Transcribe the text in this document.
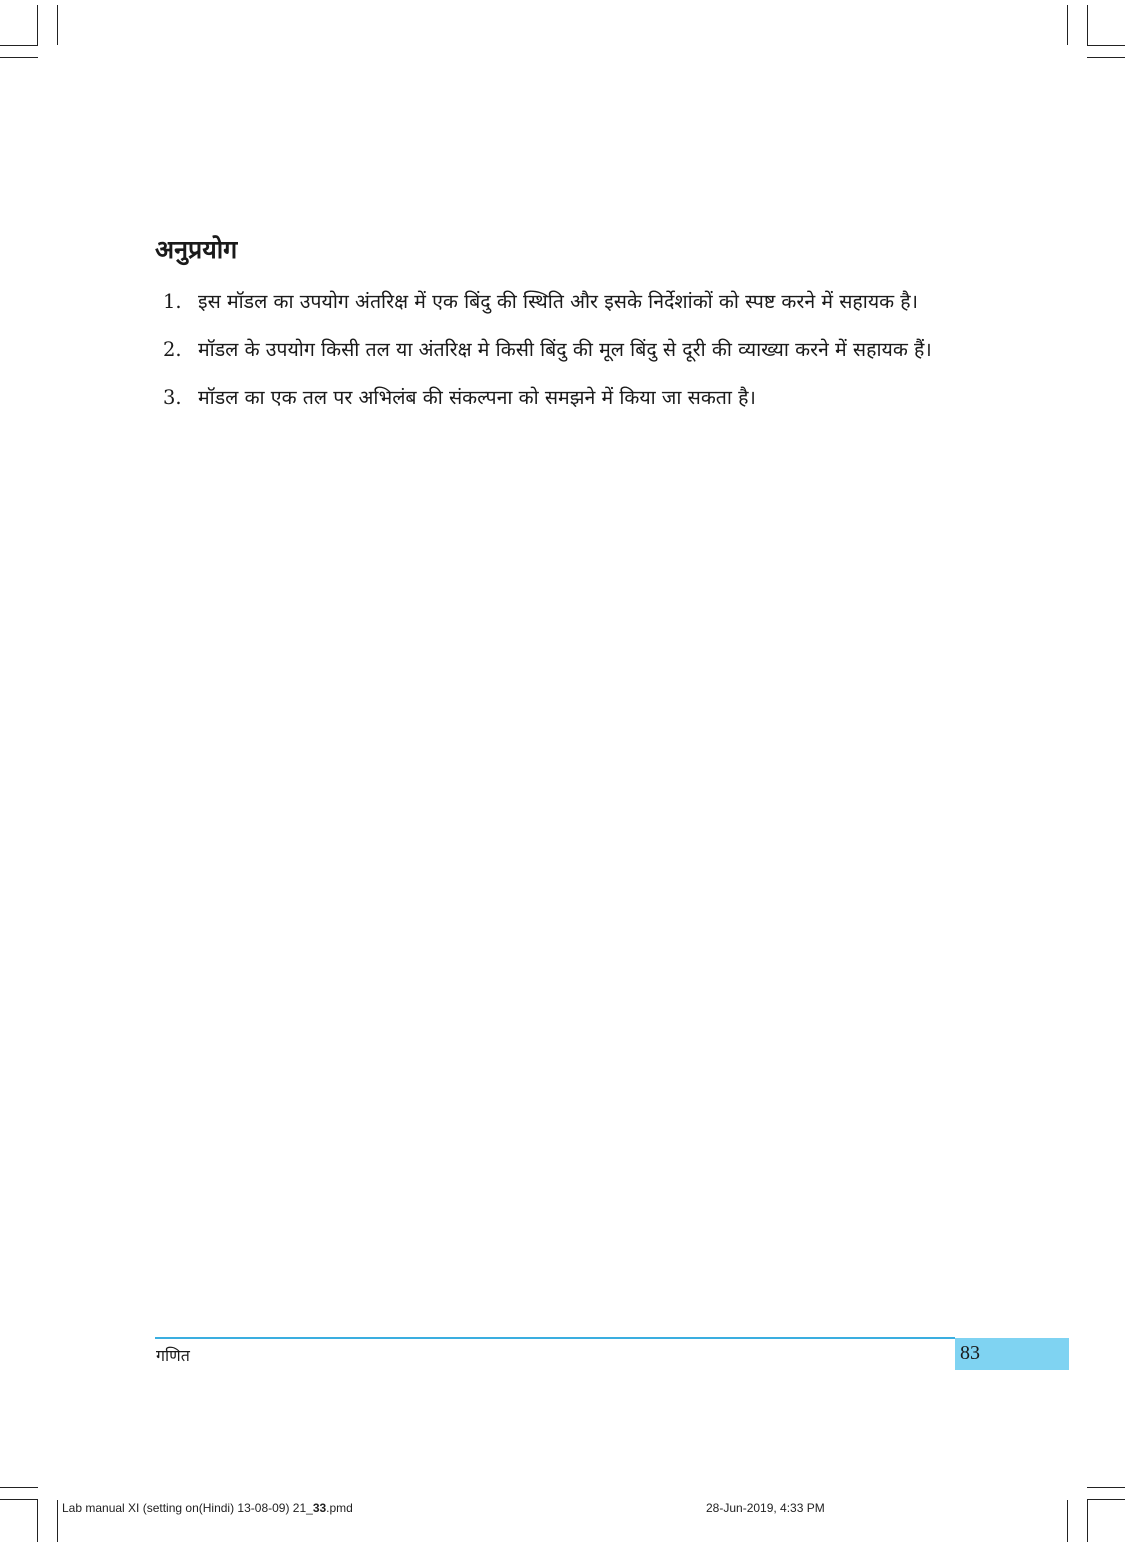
अनुप्रयोग
1. इस मॉडल का उपयोग अंतरिक्ष में एक बिंदु की स्थिति और इसके निर्देशांकों को स्पष्ट करने में सहायक है।
2. मॉडल के उपयोग किसी तल या अंतरिक्ष मे किसी बिंदु की मूल बिंदु से दूरी की व्याख्या करने में सहायक हैं।
3. मॉडल का एक तल पर अभिलंब की संकल्पना को समझने में किया जा सकता है।
83
गणित
Lab manual XI (setting on(Hindi) 13-08-09) 21_33.pmd	28-Jun-2019, 4:33 PM
